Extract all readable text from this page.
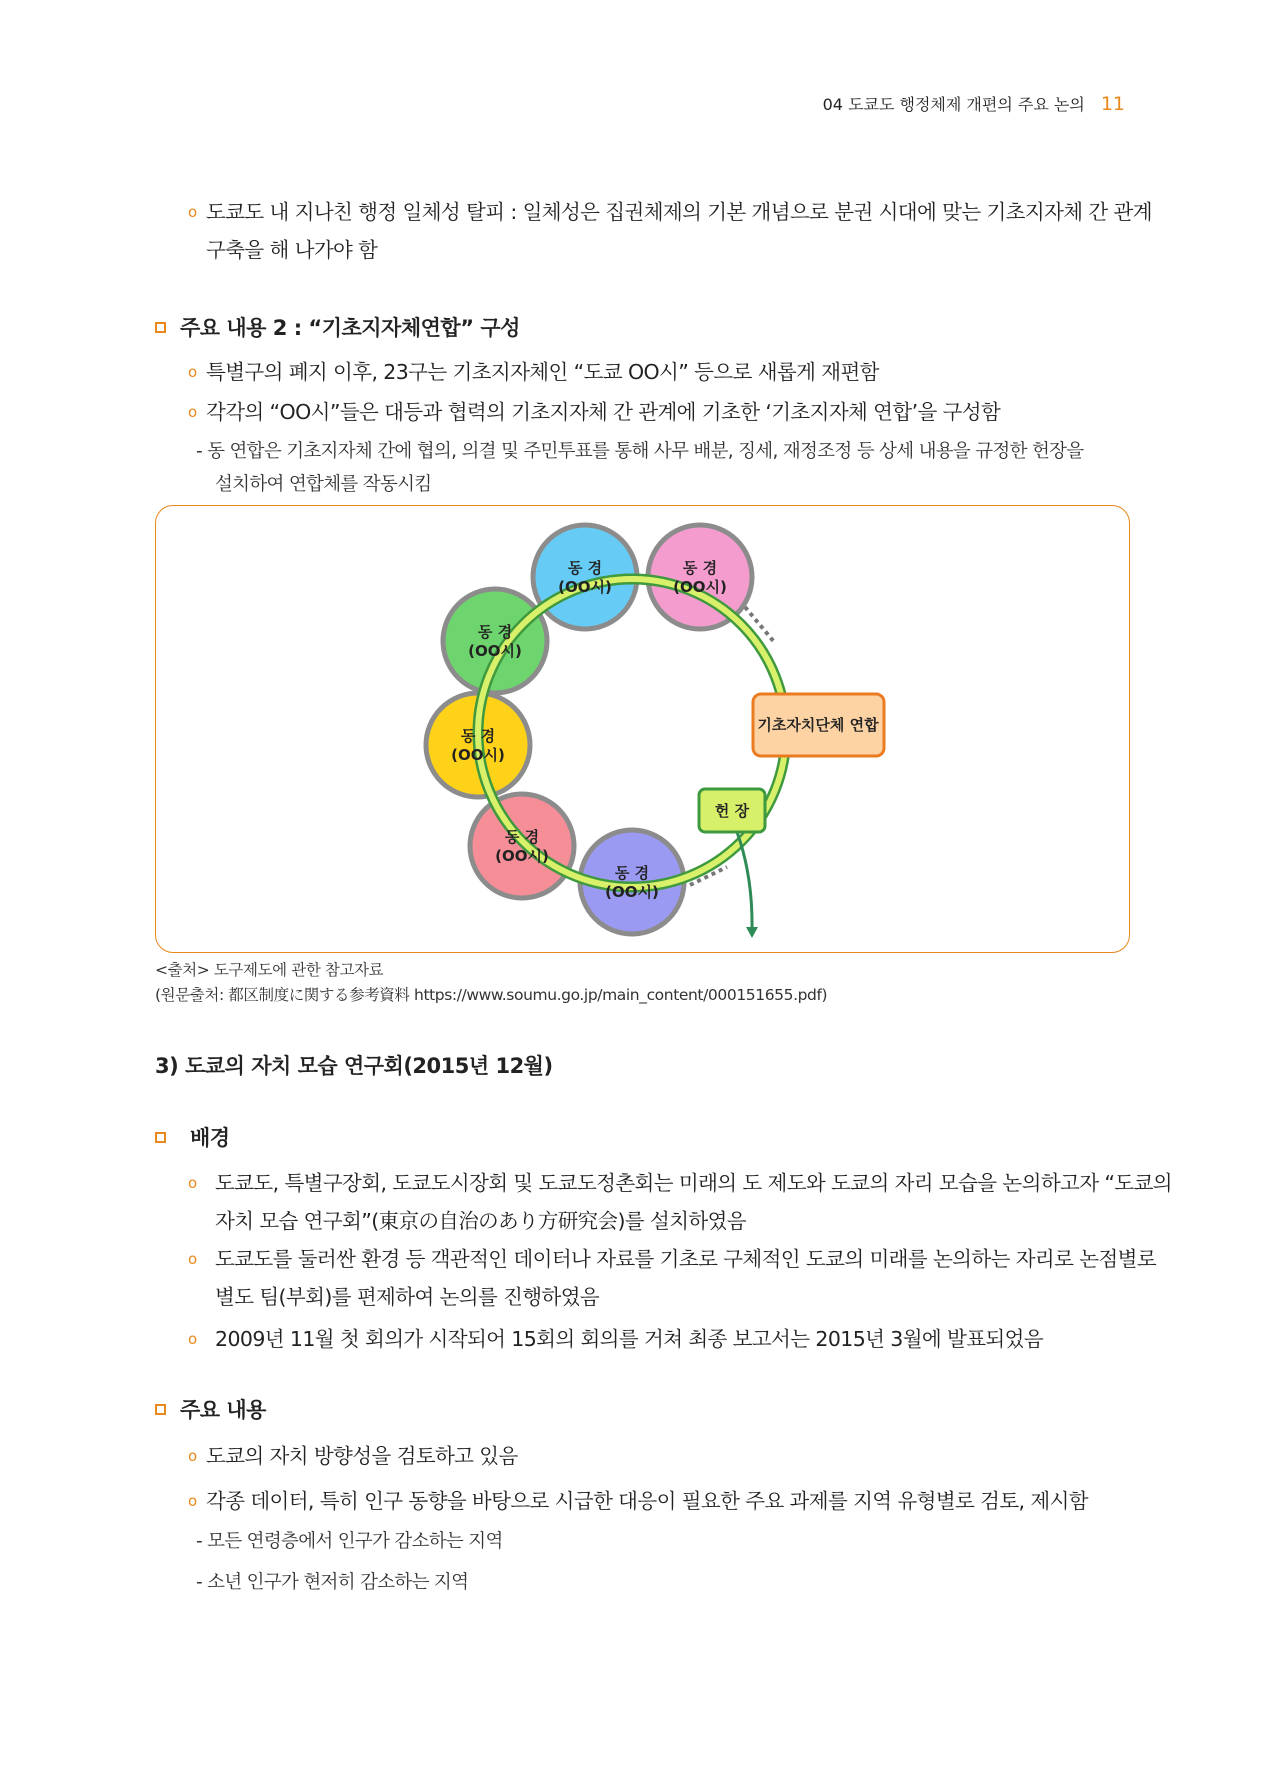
04 도쿄도 행정체제 개편의 주요 논의 11
o 도쿄도 내 지나친 행정 일체성 탈피 : 일체성은 집권체제의 기본 개념으로 분권 시대에 맞는 기초지자체 간 관계
구축을 해 나가야 함
주요 내용 2 : “기초지자체연합” 구성
o 특별구의 폐지 이후, 23구는 기초지자체인 “도쿄 OO시” 등으로 새롭게 재편함
o 각각의 “OO시”들은 대등과 협력의 기초지자체 간 관계에 기초한 ‘기초지자체 연합’을 구성함
- 동 연합은 기초지자체 간에 협의, 의결 및 주민투표를 통해 사무 배분, 징세, 재정조정 등 상세 내용을 규정한 헌장을
설치하여 연합체를 작동시킴
동 경
(OO시)
동 경
(OO시)
동 경
(OO시)
동 경
(OO시)
동 경
(OO시)
동 경
(OO시)
기초자치단체 연합
헌 장
<출처> 도구제도에 관한 참고자료
(원문출처: 都区制度に関する参考資料 https://www.soumu.go.jp/main_content/000151655.pdf)
3) 도쿄의 자치 모습 연구회(2015년 12월)
배경
o 도쿄도, 특별구장회, 도쿄도시장회 및 도쿄도정촌회는 미래의 도 제도와 도쿄의 자리 모습을 논의하고자 “도쿄의
자치 모습 연구회”(東京の自治のあり方研究会)를 설치하였음
o 도쿄도를 둘러싼 환경 등 객관적인 데이터나 자료를 기초로 구체적인 도쿄의 미래를 논의하는 자리로 논점별로
별도 팀(부회)를 편제하여 논의를 진행하였음
o 2009년 11월 첫 회의가 시작되어 15회의 회의를 거쳐 최종 보고서는 2015년 3월에 발표되었음
주요 내용
o 도쿄의 자치 방향성을 검토하고 있음
o 각종 데이터, 특히 인구 동향을 바탕으로 시급한 대응이 필요한 주요 과제를 지역 유형별로 검토, 제시함
- 모든 연령층에서 인구가 감소하는 지역
- 소년 인구가 현저히 감소하는 지역
